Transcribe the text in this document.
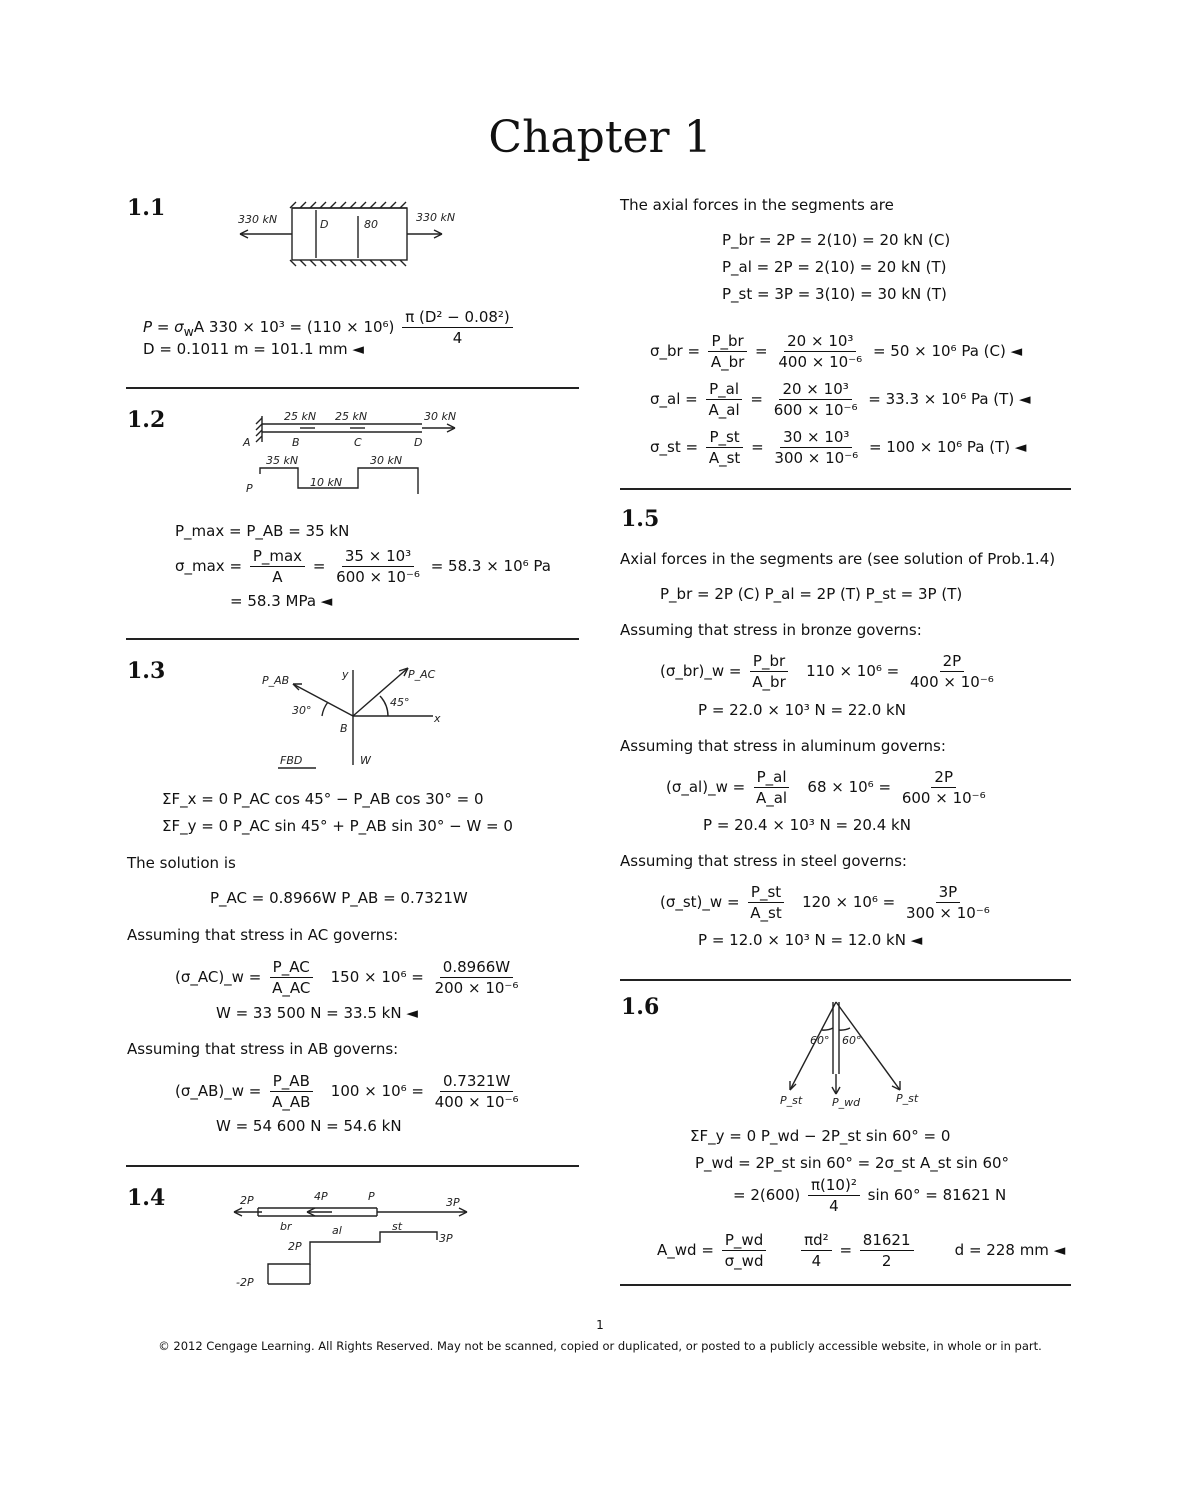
Chapter 1
1.1	330 kN	330 kN
D	80
$P = \sigma_wA$ $330 \times 10^3 = (110 \times 10^6) \frac{\text{π (D² − 0.08²)}}{4}$
D = 0.1011 m = 101.1 mm ◄
1.2	25 kN 25 kN	30 kN
A	B	C	D
35 kN	30 kN
10 kN
P
P_max = P_AB = 35 kN
σ_max = $\frac{P\_\max}{A} = \frac{\text{35 × 10³}}{\text{600 × 10⁻⁶}} = 58.3 \times 10^6$ Pa
= 58.3 MPa ◄
1.3	P_AB	P_AC
y
x
B
30°
45°
FBD	W
ΣF_x = 0 P_AC cos 45° − P_AB cos 30° = 0
ΣF_y = 0 P_AC sin 45° + P_AB sin 30° − W = 0
The solution is
P_AC = 0.8966W P_AB = 0.7321W
Assuming that stress in AC governs:
(σ_AC)_w = $\frac{P\_AC}{A\_AC} 150 \times 10^6 = \frac{0.8966W}{\text{200 × 10⁻⁶}}$
W = 33 500 N = 33.5 kN ◄
Assuming that stress in AB governs:
(σ_AB)_w = $\frac{P\_AB}{A\_AB} 100 \times 10^6 = \frac{0.7321W}{\text{400 × 10⁻⁶}}$
W = 54 600 N = 54.6 kN
1.4	2P	4P	P	3P
br	al	st
2P
3P
-2P
The axial forces in the segments are
P_br = 2P = 2(10) = 20 kN (C)
P_al = 2P = 2(10) = 20 kN (T)
P_st = 3P = 3(10) = 30 kN (T)
σ_br = $\frac{P\_br}{A\_br} = \frac{\text{20 × 10³}}{\text{400 × 10⁻⁶}} = 50 \times 10^6$ Pa (C) ◄
σ_al = $\frac{P\_al}{A\_al} = \frac{\text{20 × 10³}}{\text{600 × 10⁻⁶}} = 33.3 \times 10^6$ Pa (T) ◄
σ_st = $\frac{P\_st}{A\_st} = \frac{\text{30 × 10³}}{\text{300 × 10⁻⁶}} = 100 \times 10^6$ Pa (T) ◄
1.5
Axial forces in the segments are (see solution of Prob.1.4)
P_br = 2P (C) P_al = 2P (T) P_st = 3P (T)
Assuming that stress in bronze governs:
(σ_br)_w = $\frac{P\_br}{A\_br} 110 \times 10^6 = \frac{2P}{\text{400 × 10⁻⁶}}$
P = 22.0 × 10³ N = 22.0 kN
Assuming that stress in aluminum governs:
(σ_al)_w = $\frac{P\_al}{A\_al} 68 \times 10^6 = \frac{2P}{\text{600 × 10⁻⁶}}$
P = 20.4 × 10³ N = 20.4 kN
Assuming that stress in steel governs:
(σ_st)_w = $\frac{P\_st}{A\_st} 120 \times 10^6 = \frac{3P}{\text{300 × 10⁻⁶}}$
P = 12.0 × 10³ N = 12.0 kN ◄
1.6
60° 60°
P_st	P_wd	P_st
ΣF_y = 0 P_wd − 2P_st sin 60° = 0
P_wd = 2P_st sin 60° = 2σ_st A_st sin 60°
= $2(600) \frac{\text{π(10)²}}{4}$ sin 60° = 81621 N
A_wd = $\frac{P\_wd}{\sigma\_wd}$
$\frac{\text{πd²}}{4} = \frac{81621}{2}$	d = 228 mm ◄
1
© 2012 Cengage Learning. All Rights Reserved. May not be scanned, copied or duplicated, or posted to a publicly accessible website, in whole or in part.
